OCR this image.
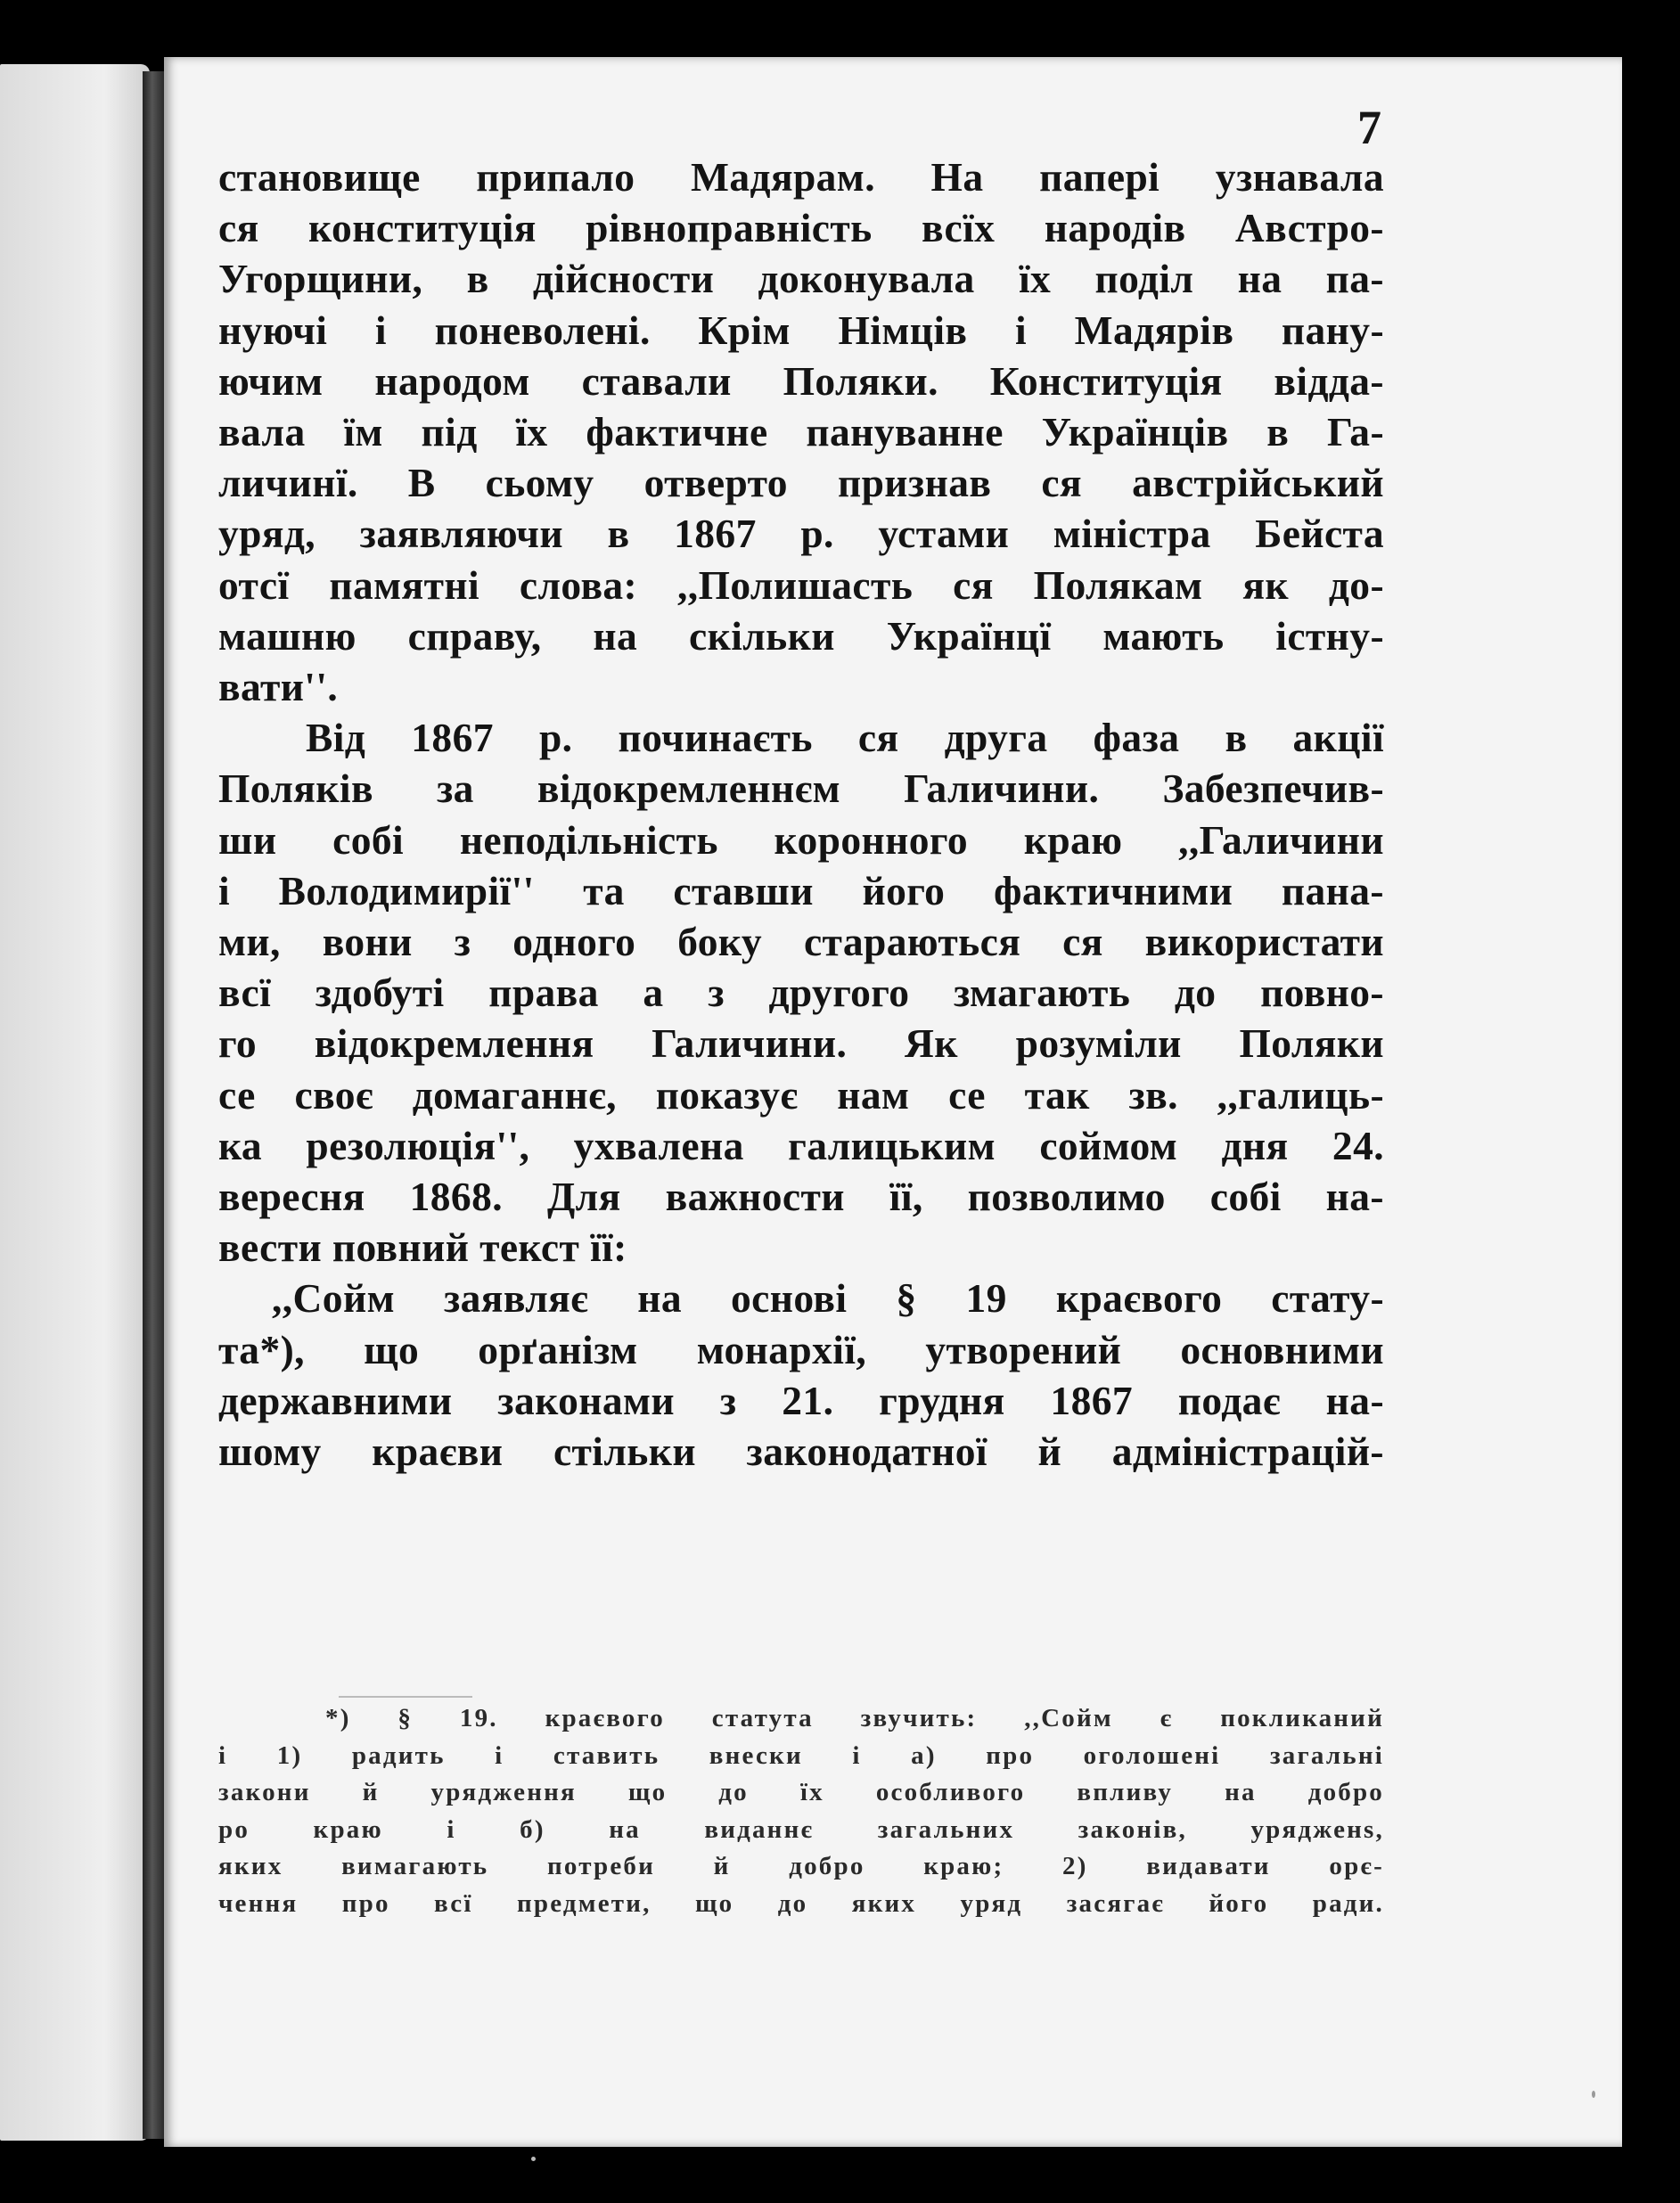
7
становище припало Мадярам. На папері узнавала
ся конституція рівноправність всїх народів Австро-
Угорщини, в дійсности доконувала їх поділ на па-
нуючі і поневолені. Крім Німців і Мадярів пану-
ючим народом ставали Поляки. Конституція віддa-
вала їм під їх фактичне пануванне Українців в Га-
личинї. В сьому отверто признав ся австрійський
уряд, заявляючи в 1867 р. устами міністра Бейста
отсї памятні слова: ,,Полишасть ся Полякам як до-
машню справу, на скільки Українцї мають істну-
вати''.
Від 1867 р. починаєть ся друга фаза в акції
Поляків за відокремленнєм Галичини. Забезпечив-
ши собі неподільність коронного краю ,,Галичини
і Володимирії'' та ставши його фактичними пана-
ми, вони з одного боку стараються ся використати
всї здобуті права а з другого змагають до повно-
го відокремлення Галичини. Як розуміли Поляки
се своє домаганнє, показує нам се так зв. ,,галиць-
ка резолюція'', ухвалена галицьким соймом дня 24.
вересня 1868. Для важности її, позволимо собі на-
вести повний текст її:
,,Сойм заявляє на основі § 19 краєвого стату-
та*), що орґанізм монархії, утворений основними
державними законами з 21. грудня 1867 подає на-
шому краєви стільки законодатної й адміністрацій-
*) § 19. краєвого статута звучить: ,,Сойм є покликаний
і 1) радить і ставить внески і а) про оголошені загальні
закони й урядження що до їх особливого впливу на добро
ро краю і б) на виданнє загальних законів, урядженs,
яких вимагають потреби й добро краю; 2) видавати орє-
чення про всї предмети, що до яких уряд засягає його ради.
